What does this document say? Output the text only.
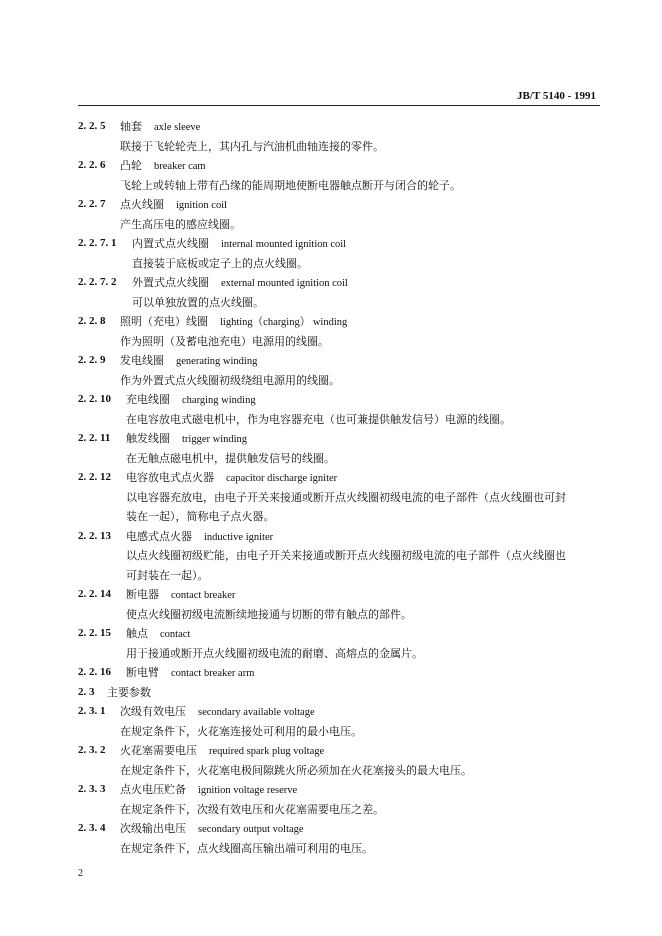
JB/T 5140 - 1991
2. 2. 5 轴套 axle sleeve
联接于飞轮轮壳上，其内孔与汽油机曲轴连接的零件。
2. 2. 6 凸轮 breaker cam
飞轮上或转轴上带有凸缘的能周期地使断电器触点断开与闭合的轮子。
2. 2. 7 点火线圈 ignition coil
产生高压电的感应线圈。
2. 2. 7. 1 内置式点火线圈 internal mounted ignition coil
直接装于底板或定子上的点火线圈。
2. 2. 7. 2 外置式点火线圈 external mounted ignition coil
可以单独放置的点火线圈。
2. 2. 8 照明（充电）线圈 lighting（charging） winding
作为照明（及蓄电池充电）电源用的线圈。
2. 2. 9 发电线圈 generating winding
作为外置式点火线圈初级绕组电源用的线圈。
2. 2. 10 充电线圈 charging winding
在电容放电式磁电机中，作为电容器充电（也可兼提供触发信号）电源的线圈。
2. 2. 11 触发线圈 trigger winding
在无触点磁电机中，提供触发信号的线圈。
2. 2. 12 电容放电式点火器 capacitor discharge igniter
以电容器充放电，由电子开关来接通或断开点火线圈初级电流的电子部件（点火线圈也可封
装在一起），简称电子点火器。
2. 2. 13 电感式点火器 inductive igniter
以点火线圈初级贮能，由电子开关来接通或断开点火线圈初级电流的电子部件（点火线圈也
可封装在一起）。
2. 2. 14 断电器 contact breaker
使点火线圈初级电流断续地接通与切断的带有触点的部件。
2. 2. 15 触点 contact
用于接通或断开点火线圈初级电流的耐磨、高熔点的金属片。
2. 2. 16 断电臂 contact breaker arm
2. 3 主要参数
2. 3. 1 次级有效电压 secondary available voltage
在规定条件下，火花塞连接处可利用的最小电压。
2. 3. 2 火花塞需要电压 required spark plug voltage
在规定条件下，火花塞电极间隙跳火所必须加在火花塞接头的最大电压。
2. 3. 3 点火电压贮备 ignition voltage reserve
在规定条件下，次级有效电压和火花塞需要电压之差。
2. 3. 4 次级输出电压 secondary output voltage
在规定条件下，点火线圈高压输出端可利用的电压。
2
